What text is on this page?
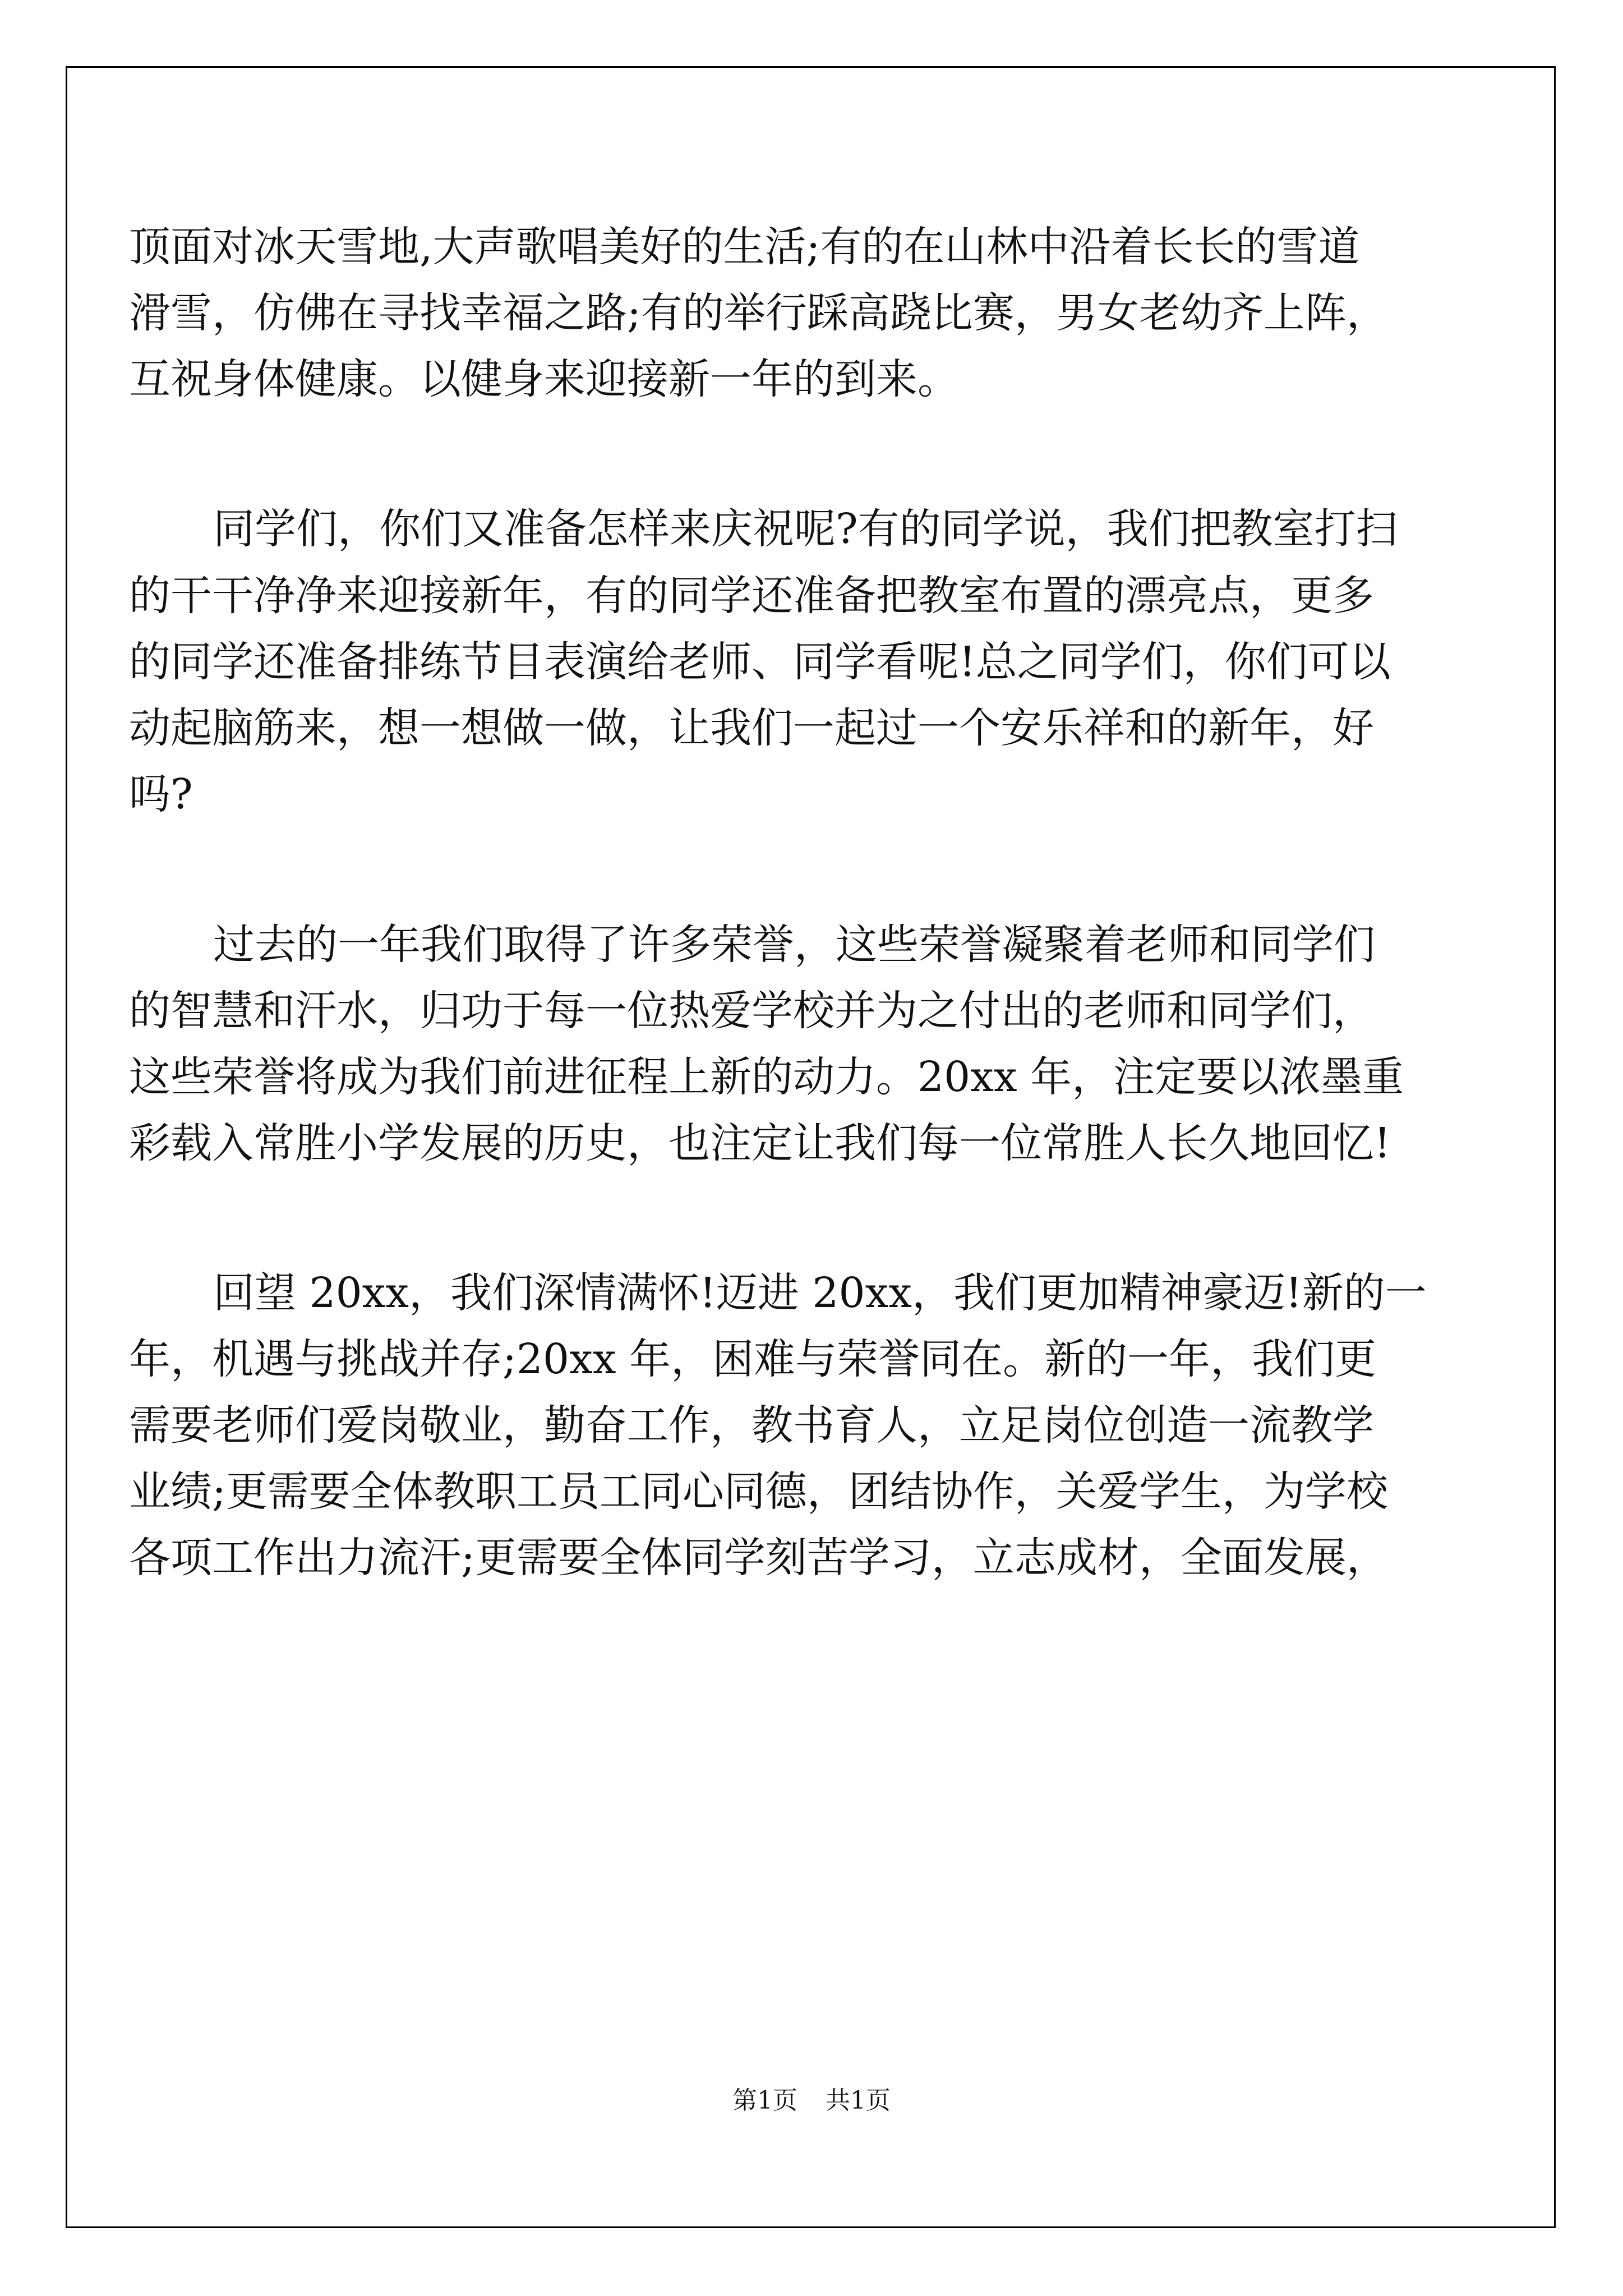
顶面对冰天雪地,大声歌唱美好的生活;有的在山林中沿着长长的雪道
滑雪，仿佛在寻找幸福之路;有的举行踩高跷比赛，男女老幼齐上阵，
互祝身体健康。以健身来迎接新一年的到来。
同学们，你们又准备怎样来庆祝呢?有的同学说，我们把教室打扫
的干干净净来迎接新年，有的同学还准备把教室布置的漂亮点，更多
的同学还准备排练节目表演给老师、同学看呢!总之同学们，你们可以
动起脑筋来，想一想做一做，让我们一起过一个安乐祥和的新年，好
吗?
过去的一年我们取得了许多荣誉，这些荣誉凝聚着老师和同学们
的智慧和汗水，归功于每一位热爱学校并为之付出的老师和同学们，
这些荣誉将成为我们前进征程上新的动力。20xx 年，注定要以浓墨重
彩载入常胜小学发展的历史，也注定让我们每一位常胜人长久地回忆!
回望 20xx，我们深情满怀!迈进 20xx，我们更加精神豪迈!新的一
年，机遇与挑战并存;20xx 年，困难与荣誉同在。新的一年，我们更
需要老师们爱岗敬业，勤奋工作，教书育人，立足岗位创造一流教学
业绩;更需要全体教职工员工同心同德，团结协作，关爱学生，为学校
各项工作出力流汗;更需要全体同学刻苦学习，立志成材，全面发展，
第1页 共1页
